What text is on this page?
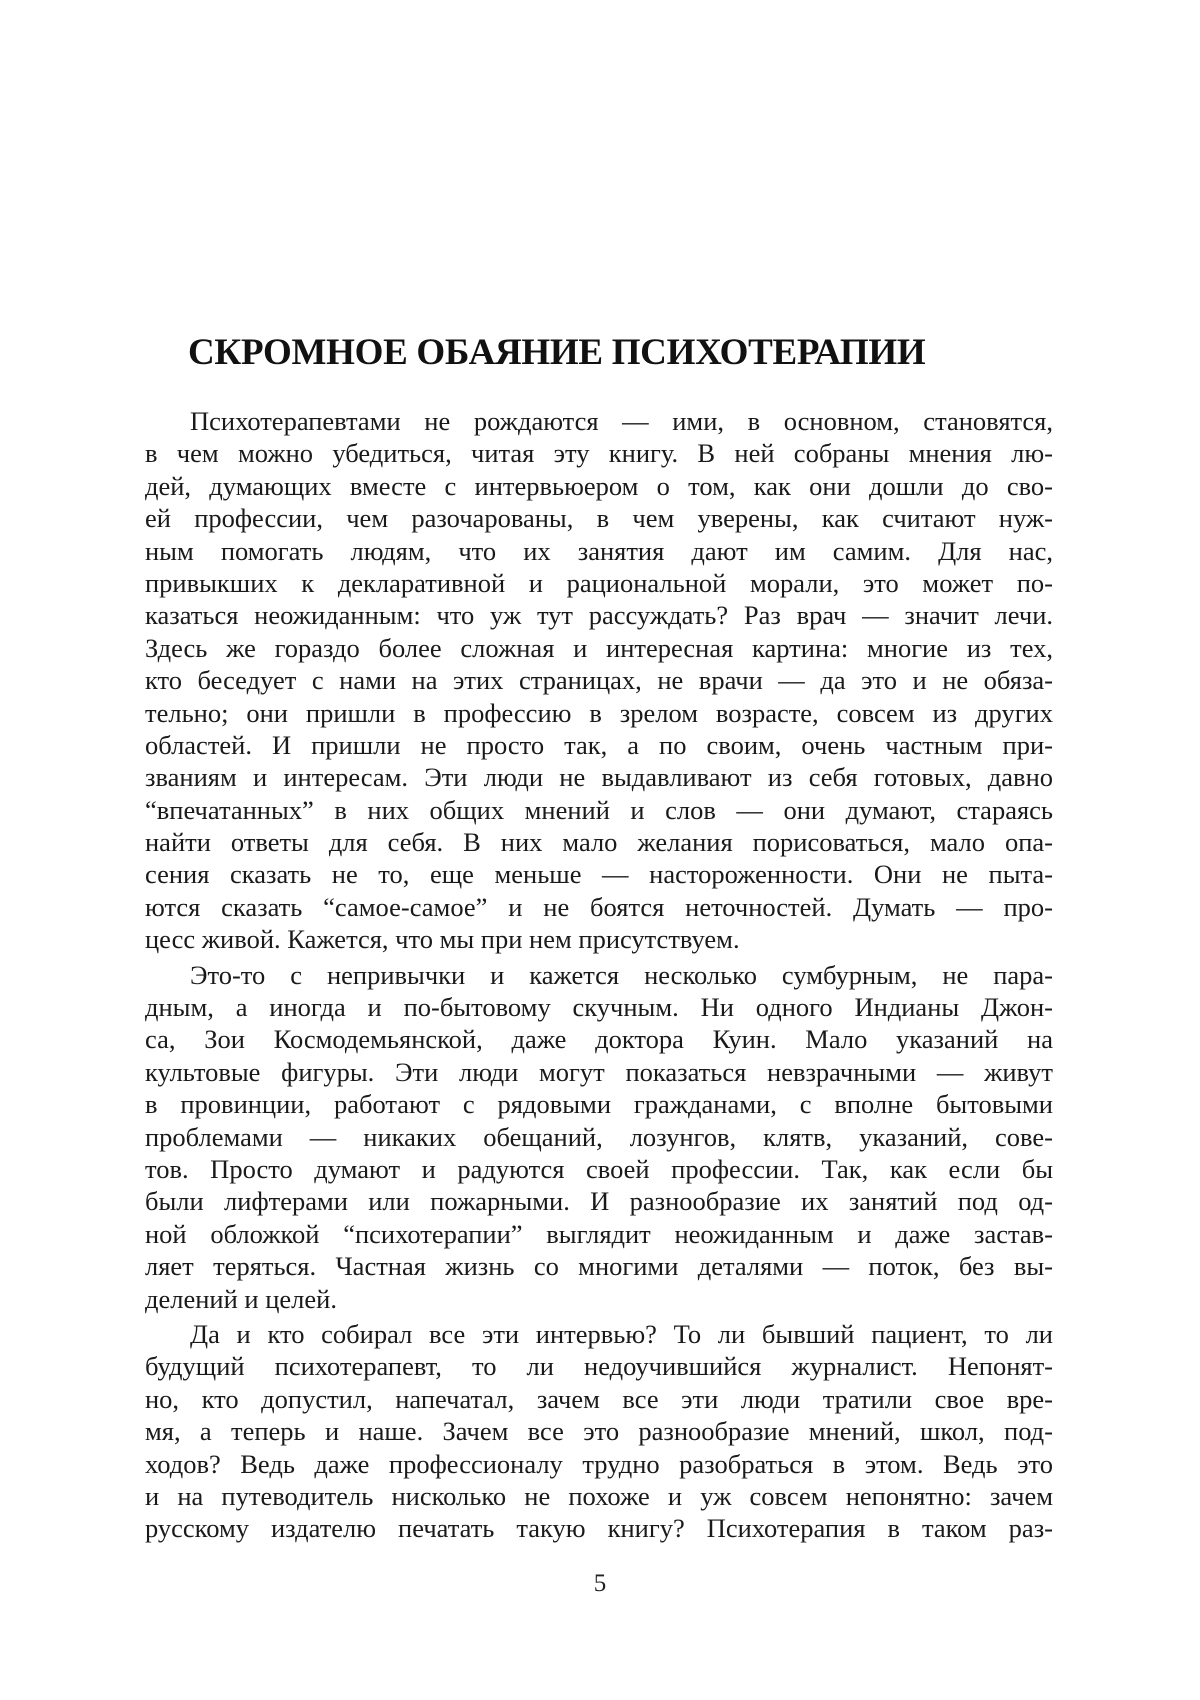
СКРОМНОЕ ОБАЯНИЕ ПСИХОТЕРАПИИ

Психотерапевтами не рождаются — ими, в основном, становятся,
в чем можно убедиться, читая эту книгу. В ней собраны мнения лю-
дей, думающих вместе с интервьюером о том, как они дошли до сво-
ей профессии, чем разочарованы, в чем уверены, как считают нуж-
ным помогать людям, что их занятия дают им самим. Для нас,
привыкших к декларативной и рациональной морали, это может по-
казаться неожиданным: что уж тут рассуждать? Раз врач — значит лечи.
Здесь же гораздо более сложная и интересная картина: многие из тех,
кто беседует с нами на этих страницах, не врачи — да это и не обяза-
тельно; они пришли в профессию в зрелом возрасте, совсем из других
областей. И пришли не просто так, а по своим, очень частным при-
званиям и интересам. Эти люди не выдавливают из себя готовых, давно
“впечатанных” в них общих мнений и слов — они думают, стараясь
найти ответы для себя. В них мало желания порисоваться, мало опа-
сения сказать не то, еще меньше — настороженности. Они не пыта-
ются сказать “самое-самое” и не боятся неточностей. Думать — про-
цесс живой. Кажется, что мы при нем присутствуем.

Это-то с непривычки и кажется несколько сумбурным, не пара-
дным, а иногда и по-бытовому скучным. Ни одного Индианы Джон-
са, Зои Космодемьянской, даже доктора Куин. Мало указаний на
культовые фигуры. Эти люди могут показаться невзрачными — живут
в провинции, работают с рядовыми гражданами, с вполне бытовыми
проблемами — никаких обещаний, лозунгов, клятв, указаний, сове-
тов. Просто думают и радуются своей профессии. Так, как если бы
были лифтерами или пожарными. И разнообразие их занятий под од-
ной обложкой “психотерапии” выглядит неожиданным и даже застав-
ляет теряться. Частная жизнь со многими деталями — поток, без вы-
делений и целей.

Да и кто собирал все эти интервью? То ли бывший пациент, то ли
будущий психотерапевт, то ли недоучившийся журналист. Непонят-
но, кто допустил, напечатал, зачем все эти люди тратили свое вре-
мя, а теперь и наше. Зачем все это разнообразие мнений, школ, под-
ходов? Ведь даже профессионалу трудно разобраться в этом. Ведь это
и на путеводитель нисколько не похоже и уж совсем непонятно: зачем
русскому издателю печатать такую книгу? Психотерапия в таком раз-

5
